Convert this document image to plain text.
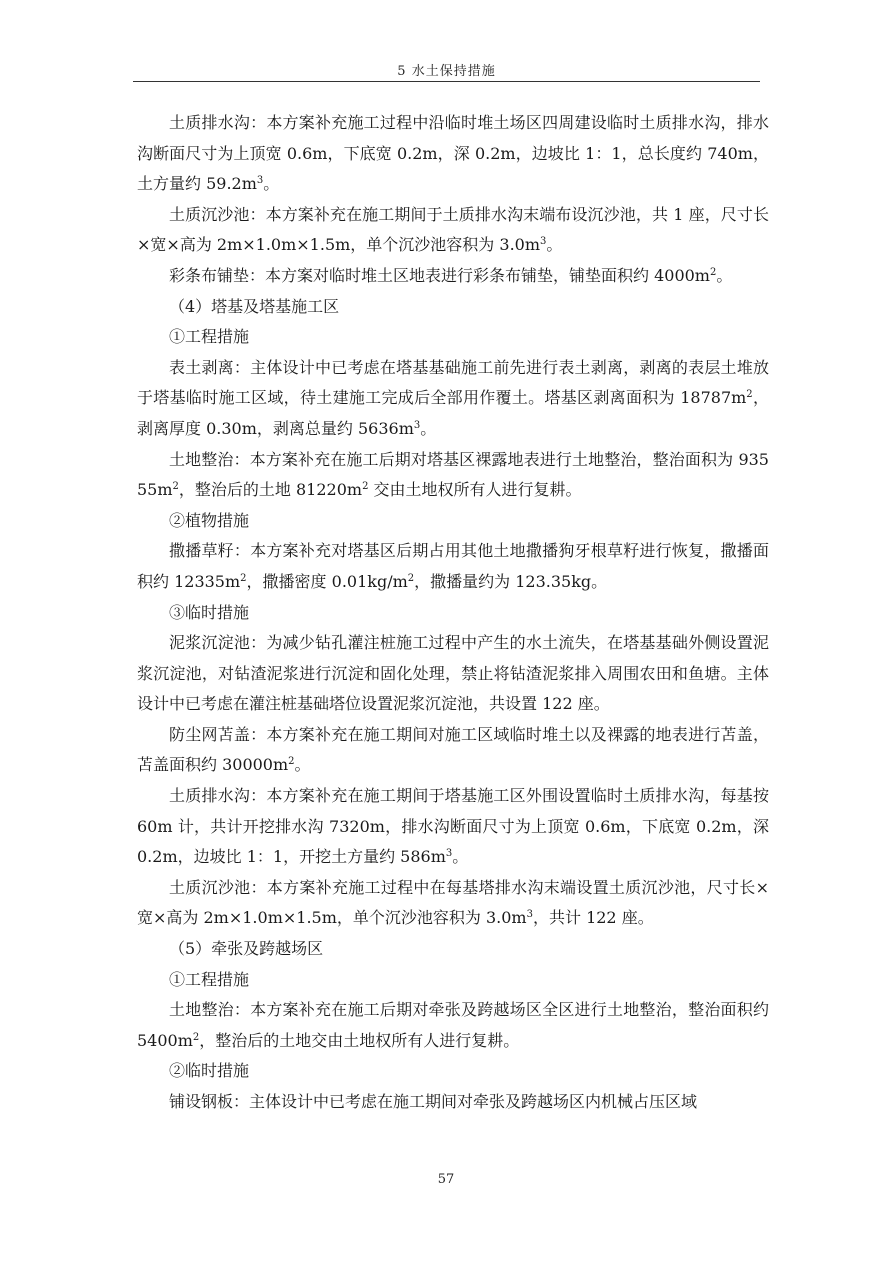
5 水土保持措施

土质排水沟：本方案补充施工过程中沿临时堆土场区四周建设临时土质排水沟，排水沟断面尺寸为上顶宽 0.6m，下底宽 0.2m，深 0.2m，边坡比 1：1，总长度约 740m，土方量约 $59.2m^3$。

土质沉沙池：本方案补充在施工期间于土质排水沟末端布设沉沙池，共 1 座，尺寸长×宽×高为 2m×1.0m×1.5m，单个沉沙池容积为 $3.0m^3$。

彩条布铺垫：本方案对临时堆土区地表进行彩条布铺垫，铺垫面积约 $4000m^2$。

（4）塔基及塔基施工区

①工程措施

表土剥离：主体设计中已考虑在塔基基础施工前先进行表土剥离，剥离的表层土堆放于塔基临时施工区域，待土建施工完成后全部用作覆土。塔基区剥离面积为 $18787m^2$，剥离厚度 0.30m，剥离总量约 $5636m^3$。

土地整治：本方案补充在施工后期对塔基区裸露地表进行土地整治，整治面积为 $93555m^2$，整治后的土地 $81220m^2$ 交由土地权所有人进行复耕。

②植物措施

撒播草籽：本方案补充对塔基区后期占用其他土地撒播狗牙根草籽进行恢复，撒播面积约 $12335m^2$，撒播密度 $0.01kg/m^2$，撒播量约为 123.35kg。

③临时措施

泥浆沉淀池：为减少钻孔灌注桩施工过程中产生的水土流失，在塔基基础外侧设置泥浆沉淀池，对钻渣泥浆进行沉淀和固化处理，禁止将钻渣泥浆排入周围农田和鱼塘。主体设计中已考虑在灌注桩基础塔位设置泥浆沉淀池，共设置 122 座。

防尘网苫盖：本方案补充在施工期间对施工区域临时堆土以及裸露的地表进行苫盖，苫盖面积约 $30000m^2$。

土质排水沟：本方案补充在施工期间于塔基施工区外围设置临时土质排水沟，每基按 60m 计，共计开挖排水沟 7320m，排水沟断面尺寸为上顶宽 0.6m，下底宽 0.2m，深 0.2m，边坡比 1：1，开挖土方量约 $586m^3$。

土质沉沙池：本方案补充施工过程中在每基塔排水沟末端设置土质沉沙池，尺寸长×宽×高为 2m×1.0m×1.5m，单个沉沙池容积为 $3.0m^3$，共计 122 座。

（5）牵张及跨越场区

①工程措施

土地整治：本方案补充在施工后期对牵张及跨越场区全区进行土地整治，整治面积约 $5400m^2$，整治后的土地交由土地权所有人进行复耕。

②临时措施

铺设钢板：主体设计中已考虑在施工期间对牵张及跨越场区内机械占压区域

57
